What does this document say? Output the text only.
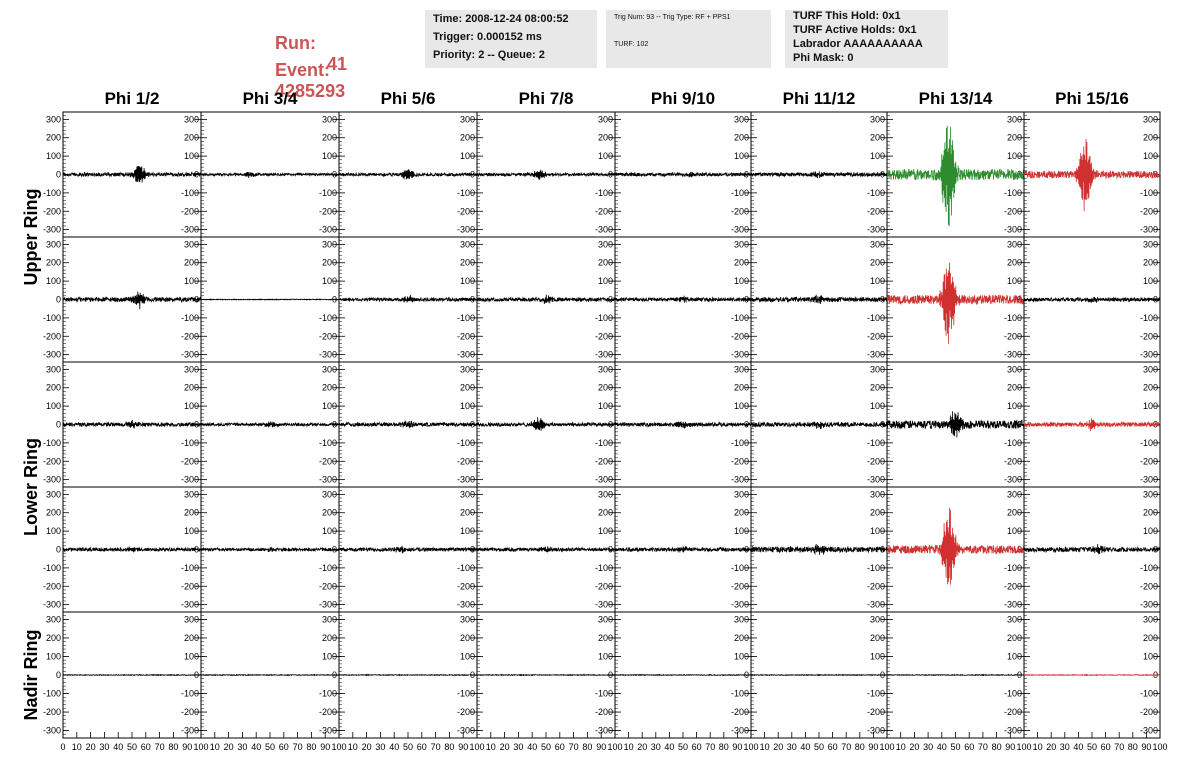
Run:

41

Event:
4285293

Time: 2008-12-24 08:00:52
Trigger: 0.000152 ms
Priority: 2 -- Queue: 2
Trig Num: 93 -- Trig Type: RF + PPS1
TURF: 102
TURF This Hold: 0x1
TURF Active Holds: 0x1
Labrador AAAAAAAAAA
Phi Mask: 0
Phi 1/2	Phi 3/4	Phi 5/6	Phi 7/8	Phi 9/10	Phi 11/12	Phi 13/14	Phi 15/16
Upper Ring
Lower Ring
Nadir Ring
300	300
200	200
100	100
0	0
-100	-100
-200	-200
-300	-300
300
200
100
0
-100
-200
-300
300
200
100
0
-100
-200
-300
300
200
100
0
-100
-200
-300
300
200
100
0
-100
-200
-300
300
200
100
0
-100
-200
-300
300
200
100
0
-100
-200
-300
300
200
100
0
-100
-200
-300
300	300
200	200
100	100
0	0
-100	-100
-200	-200
-300	-300
300
200
100
0
-100
-200
-300
300
200
100
0
-100
-200
-300
300
200
100
0
-100
-200
-300
300
200
100
0
-100
-200
-300
300
200
100
0
-100
-200
-300
300
200
100
0
-100
-200
-300
300
200
100
0
-100
-200
-300
300	300
200	200
100	100
0	0
-100	-100
-200	-200
-300	-300
300
200
100
0
-100
-200
-300
300
200
100
0
-100
-200
-300
300
200
100
0
-100
-200
-300
300
200
100
0
-100
-200
-300
300
200
100
0
-100
-200
-300
300
200
100
0
-100
-200
-300
300
200
100
0
-100
-200
-300
300	300
200	200
100	100
0	0
-100	-100
-200	-200
-300	-300
300
200
100
0
-100
-200
-300
300
200
100
0
-100
-200
-300
300
200
100
0
-100
-200
-300
300
200
100
0
-100
-200
-300
300
200
100
0
-100
-200
-300
300
200
100
0
-100
-200
-300
300
200
100
0
-100
-200
-300
300	300
200	200
100	100
0	0
-100	-100
-200	-200
-300	-300
0 10 20 30 40 50 60 70 80 90 100
300
200
100
0
-100
-200
-300
10 20 30 40 50 60 70 80 90 100
300
200
100
0
-100
-200
-300
10 20 30 40 50 60 70 80 90 100
300
200
100
0
-100
-200
-300
10 20 30 40 50 60 70 80 90 100
300
200
100
0
-100
-200
-300
10 20 30 40 50 60 70 80 90 100
300
200
100
0
-100
-200
-300
10 20 30 40 50 60 70 80 90 100
300
200
100
0
-100
-200
-300
10 20 30 40 50 60 70 80 90 100
300
200
100
0
-100
-200
-300
10 20 30 40 50 60 70 80 90 100
